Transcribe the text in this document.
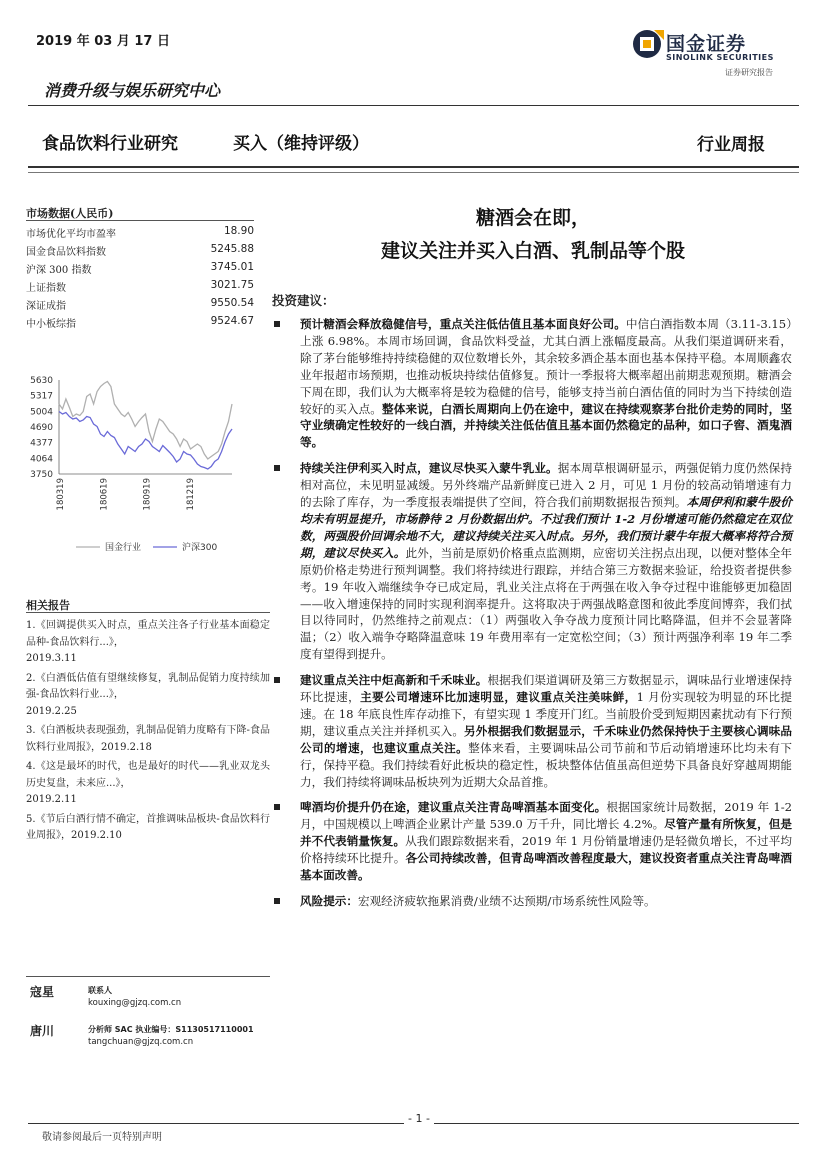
2019 年 03 月 17 日	国金证券
SINOLINK SECURITIES
证券研究报告
消费升级与娱乐研究中心
食品饮料行业研究	买入（维持评级）	行业周报
糖酒会在即，
建议关注并买入白酒、乳制品等个股
市场数据(人民币)
市场优化平均市盈率	18.90
国金食品饮料指数	5245.88
沪深 300 指数	3745.01
上证指数	3021.75
深证成指	9550.54
中小板综指	9524.67
5630
5317
5004
4690
4377
4064
3750
180319	180619	180919	181219
国金行业	沪深300
相关报告
1.《回调提供买入时点，重点关注各子行业基本面稳定品种-食品饮料行...》，
2019.3.11
2.《白酒低估值有望继续修复，乳制品促销力度持续加强-食品饮料行业...》，
2019.2.25
3.《白酒板块表现强劲，乳制品促销力度略有下降-食品饮料行业周报》，2019.2.18
4.《这是最坏的时代，也是最好的时代——乳业双龙头历史复盘，未来应...》，
2019.2.11
5.《节后白酒行情不确定，首推调味品板块-食品饮料行业周报》，2019.2.10
寇星	联系人
kouxing@gjzq.com.cn
唐川	分析师 SAC 执业编号：S1130517110001
tangchuan@gjzq.com.cn
投资建议：
预计糖酒会释放稳健信号，重点关注低估值且基本面良好公司。中信白酒指数本周（3.11-3.15）上涨 6.98%。本周市场回调，食品饮料受益，尤其白酒上涨幅度最高。从我们渠道调研来看，除了茅台能够维持持续稳健的双位数增长外，其余较多酒企基本面也基本保持平稳。本周顺鑫农业年报超市场预期，也推动板块持续估值修复。预计一季报将大概率超出前期悲观预期。糖酒会下周在即，我们认为大概率将是较为稳健的信号，能够支持当前白酒估值的同时为当下持续创造较好的买入点。整体来说，白酒长周期向上仍在途中，建议在持续观察茅台批价走势的同时，坚守业绩确定性较好的一线白酒，并持续关注低估值且基本面仍然稳定的品种，如口子窖、酒鬼酒等。
持续关注伊利买入时点，建议尽快买入蒙牛乳业。据本周草根调研显示，两强促销力度仍然保持相对高位，未见明显减缓。另外终端产品新鲜度已进入 2 月，可见 1 月份的较高动销增速有力的去除了库存，为一季度报表端提供了空间，符合我们前期数据报告预判。本周伊利和蒙牛股价均未有明显提升，市场静待 2 月份数据出炉。不过我们预计 1-2 月份增速可能仍然稳定在双位数，两强股价回调余地不大，建议持续关注买入时点。另外，我们预计蒙牛年报大概率将符合预期，建议尽快买入。此外，当前是原奶价格重点监测期，应密切关注拐点出现，以便对整体全年原奶价格走势进行预判调整。我们将持续进行跟踪，并结合第三方数据来验证，给投资者提供参考。19 年收入端继续争夺已成定局，乳业关注点将在于两强在收入争夺过程中谁能够更加稳固——收入增速保持的同时实现利润率提升。这将取决于两强战略意图和彼此季度间博弈，我们拭目以待同时，仍然维持之前观点：（1）两强收入争夺战力度预计同比略降温，但并不会显著降温；（2）收入端争夺略降温意味 19 年费用率有一定宽松空间；（3）预计两强净利率 19 年二季度有望得到提升。
建议重点关注中炬高新和千禾味业。根据我们渠道调研及第三方数据显示，调味品行业增速保持环比提速，主要公司增速环比加速明显，建议重点关注美味鲜，1 月份实现较为明显的环比提速。在 18 年底良性库存动推下，有望实现 1 季度开门红。当前股价受到短期因素扰动有下行预期，建议重点关注并择机买入。另外根据我们数据显示，千禾味业仍然保持快于主要核心调味品公司的增速，也建议重点关注。整体来看，主要调味品公司节前和节后动销增速环比均未有下行，保持平稳。我们持续看好此板块的稳定性，板块整体估值虽高但逆势下具备良好穿越周期能力，我们持续将调味品板块列为近期大众品首推。
啤酒均价提升仍在途，建议重点关注青岛啤酒基本面变化。根据国家统计局数据，2019 年 1-2 月，中国规模以上啤酒企业累计产量 539.0 万千升，同比增长 4.2%。尽管产量有所恢复，但是并不代表销量恢复。从我们跟踪数据来看，2019 年 1 月份销量增速仍是轻微负增长，不过平均价格持续环比提升。各公司持续改善，但青岛啤酒改善程度最大，建议投资者重点关注青岛啤酒基本面改善。
风险提示：宏观经济疲软拖累消费/业绩不达预期/市场系统性风险等。
- 1 -
敬请参阅最后一页特别声明
